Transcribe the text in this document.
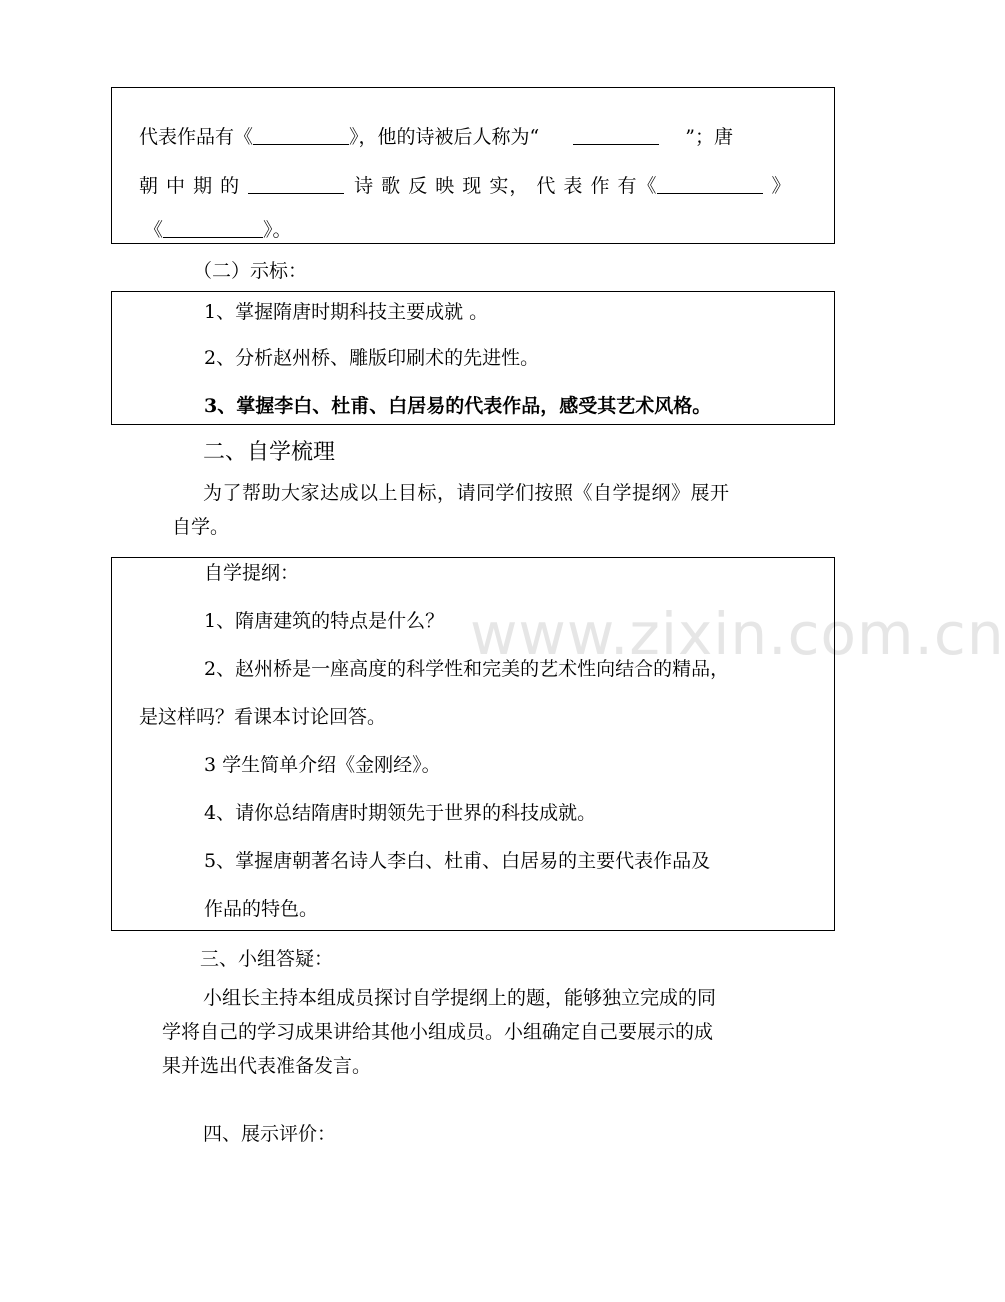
www.zixin.com.cn
代表作品有《	》，他的诗被后人称为“	”；唐
朝 中 期 的	诗 歌 反 映 现 实， 代 表 作 有《	》
《	》。
（二）示标：
1、掌握隋唐时期科技主要成就 。
2、分析赵州桥、雕版印刷术的先进性。
3、掌握李白、杜甫、白居易的代表作品，感受其艺术风格。
二、自学梳理
为了帮助大家达成以上目标，请同学们按照《自学提纲》展开
自学。
自学提纲：
1、隋唐建筑的特点是什么？
2、赵州桥是一座高度的科学性和完美的艺术性向结合的精品，
是这样吗？看课本讨论回答。
3 学生简单介绍《金刚经》。
4、请你总结隋唐时期领先于世界的科技成就。
5、掌握唐朝著名诗人李白、杜甫、白居易的主要代表作品及
作品的特色。
三、小组答疑：
小组长主持本组成员探讨自学提纲上的题，能够独立完成的同
学将自己的学习成果讲给其他小组成员。小组确定自己要展示的成
果并选出代表准备发言。
四、展示评价：
